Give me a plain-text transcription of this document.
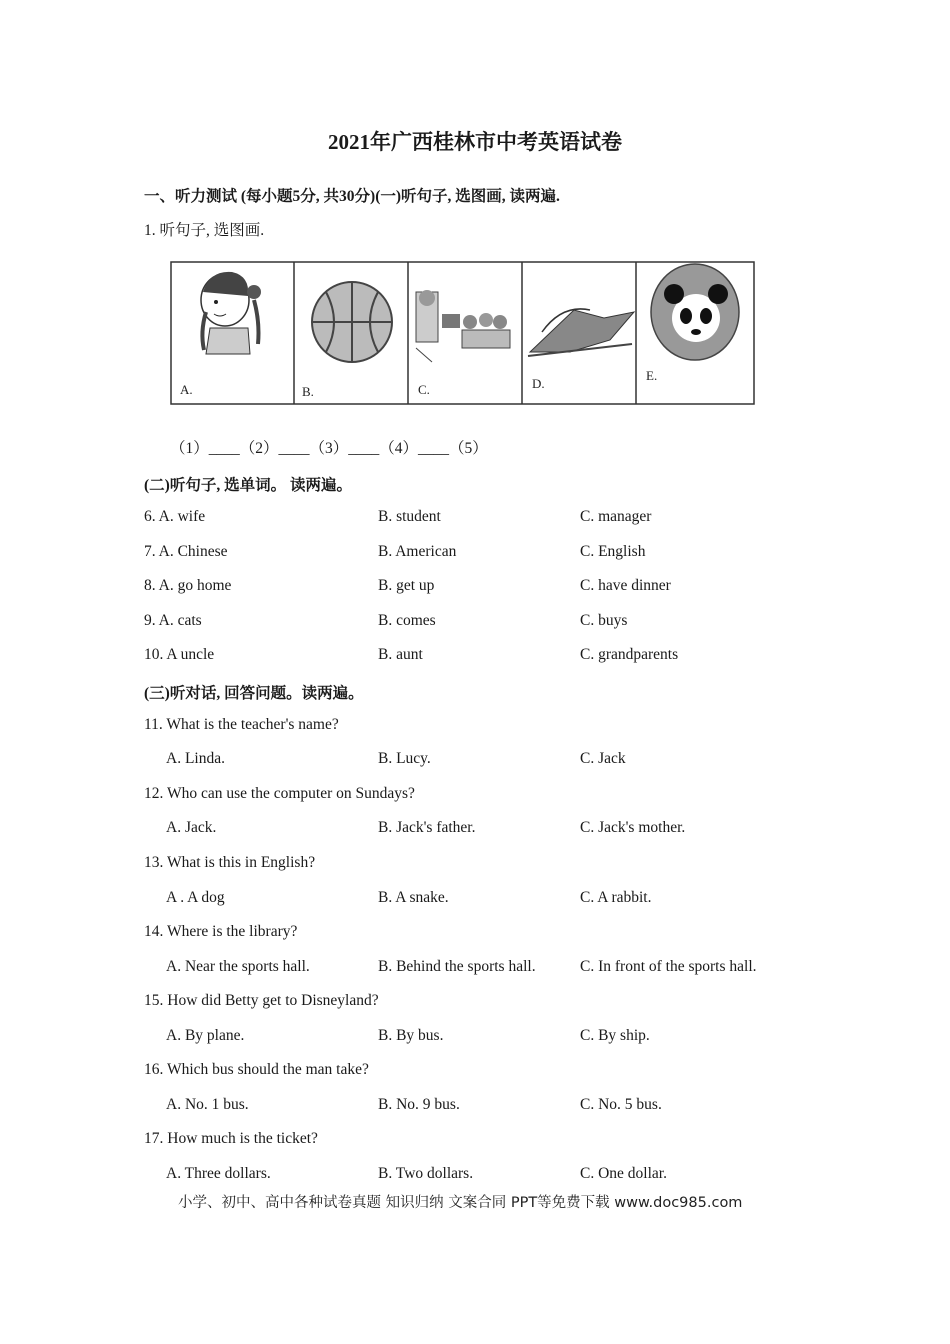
2021年广西桂林市中考英语试卷
一、听力测试 (每小题5分, 共30分)(一)听句子, 选图画, 读两遍.
1. 听句子, 选图画.
A.	B.	C.	D.
E.
（1）____（2）____（3）____（4）____（5）
(二)听句子, 选单词。 读两遍。
6. A. wife	B. student	C. manager
7. A. Chinese	B. American	C. English
8. A. go home	B. get up	C. have dinner
9. A. cats	B. comes	C. buys
10. A uncle	B. aunt	C. grandparents
(三)听对话, 回答问题。读两遍。
11. What is the teacher's name?
A. Linda.	B. Lucy.	C. Jack
12. Who can use the computer on Sundays?
A. Jack.	B. Jack's father.	C. Jack's mother.
13. What is this in English?
A . A dog	B. A snake.	C. A rabbit.
14. Where is the library?
A. Near the sports hall.	B. Behind the sports hall.	C. In front of the sports hall.
15. How did Betty get to Disneyland?
A. By plane.	B. By bus.	C. By ship.
16. Which bus should the man take?
A. No. 1 bus.	B. No. 9 bus.	C. No. 5 bus.
17. How much is the ticket?
A. Three dollars.	B. Two dollars.	C. One dollar.
小学、初中、高中各种试卷真题 知识归纳 文案合同 PPT等免费下载 www.doc985.com
